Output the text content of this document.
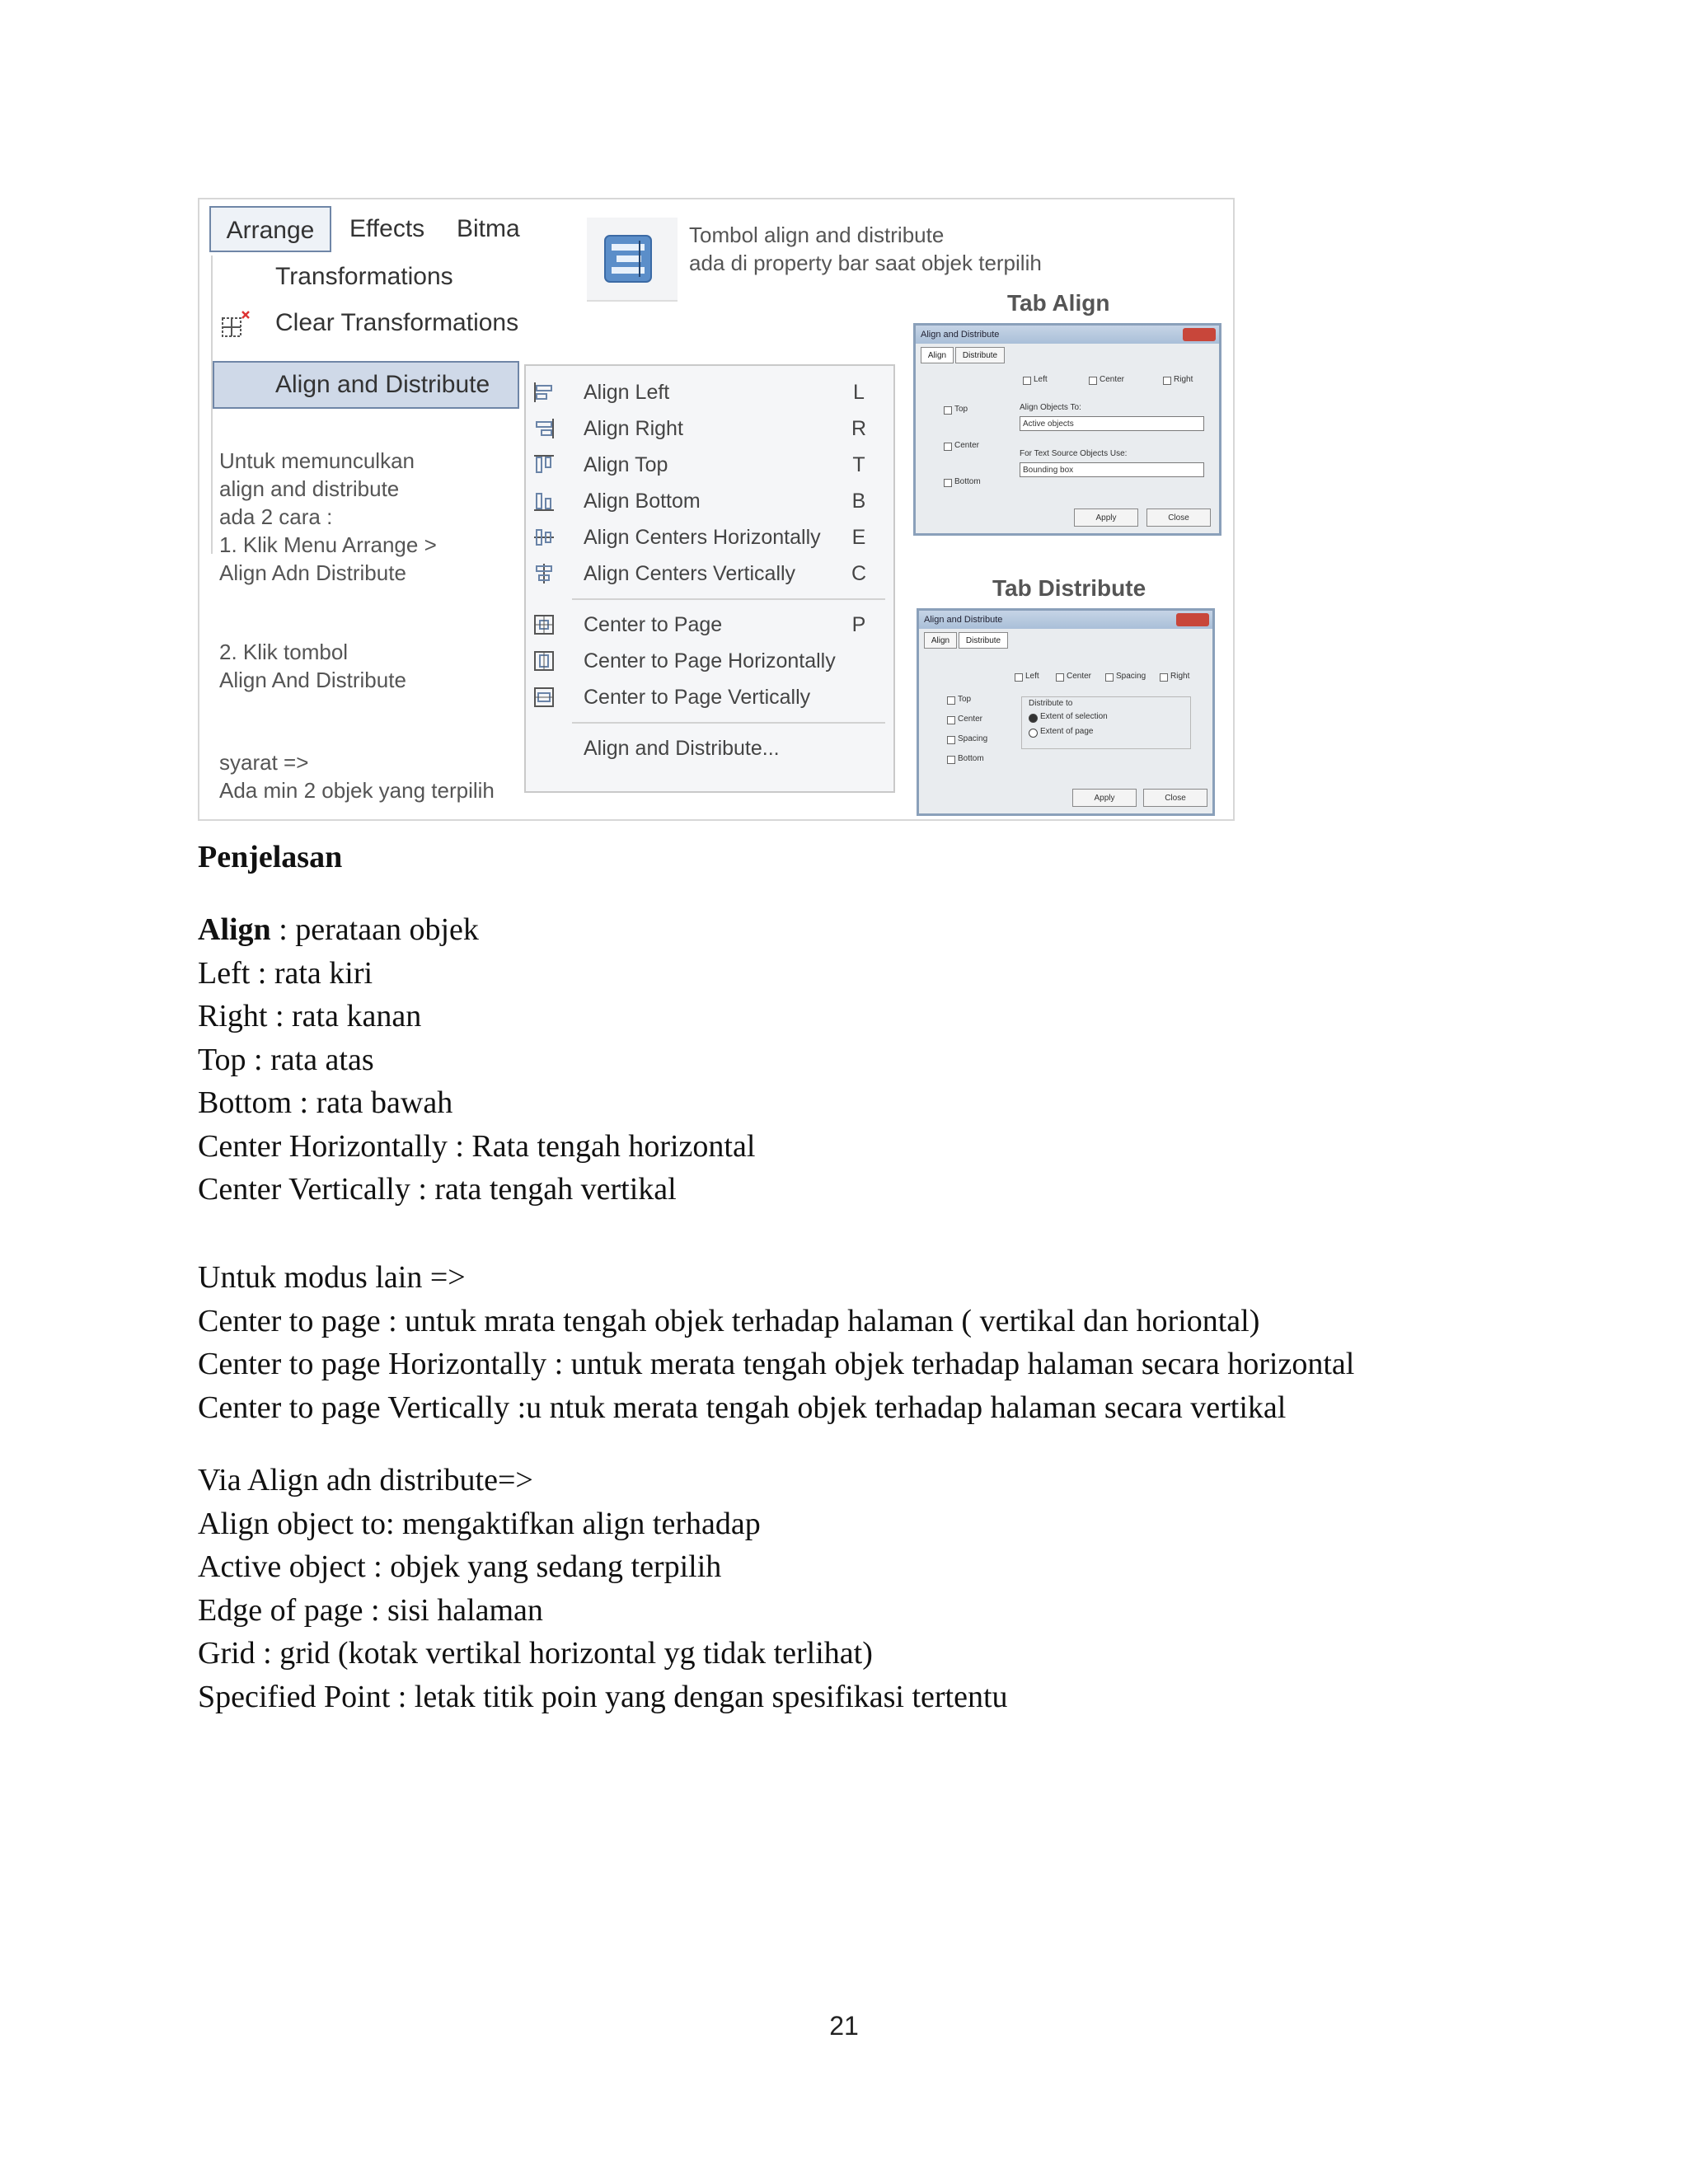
Arrange	Effects Bitma
Transformations
Clear Transformations
Align and Distribute
Untuk memunculkan
align and distribute
ada 2 cara :
1. Klik Menu Arrange >
Align Adn Distribute
2. Klik tombol
Align And Distribute
syarat =>
Ada min 2 objek yang terpilih
Align Left	L
Align Right	R
Align Top	T
Align Bottom	B
Align Centers Horizontally E
Align Centers Vertically	C
Center to Page	P
Center to Page Horizontally
Center to Page Vertically
Align and Distribute...
Tombol align and distribute
ada di property bar saat objek terpilih
Tab Align
Align and Distribute
Align	Distribute
Left	Center	Right
Top
Center
Bottom
Align Objects To:
Active objects
For Text Source Objects Use:
Bounding box
Apply	Close
Tab Distribute
Align and Distribute
Align	Distribute
Left	Center	Spacing	Right
Top
Center
Spacing
Bottom
Distribute to
Extent of selection
Extent of page
Apply	Close
Penjelasan
Align : perataan objek
Left : rata kiri
Right : rata kanan
Top : rata atas
Bottom : rata bawah
Center Horizontally : Rata tengah horizontal
Center Vertically : rata tengah vertikal
Untuk modus lain =>
Center to page : untuk mrata tengah objek terhadap halaman ( vertikal dan horiontal)
Center to page Horizontally : untuk merata tengah objek terhadap halaman secara horizontal
Center to page Vertically :u ntuk merata tengah objek terhadap halaman secara vertikal
Via Align adn distribute=>
Align object to: mengaktifkan align terhadap
Active object : objek yang sedang terpilih
Edge of page : sisi halaman
Grid : grid (kotak vertikal horizontal yg tidak terlihat)
Specified Point : letak titik poin yang dengan spesifikasi tertentu
21
